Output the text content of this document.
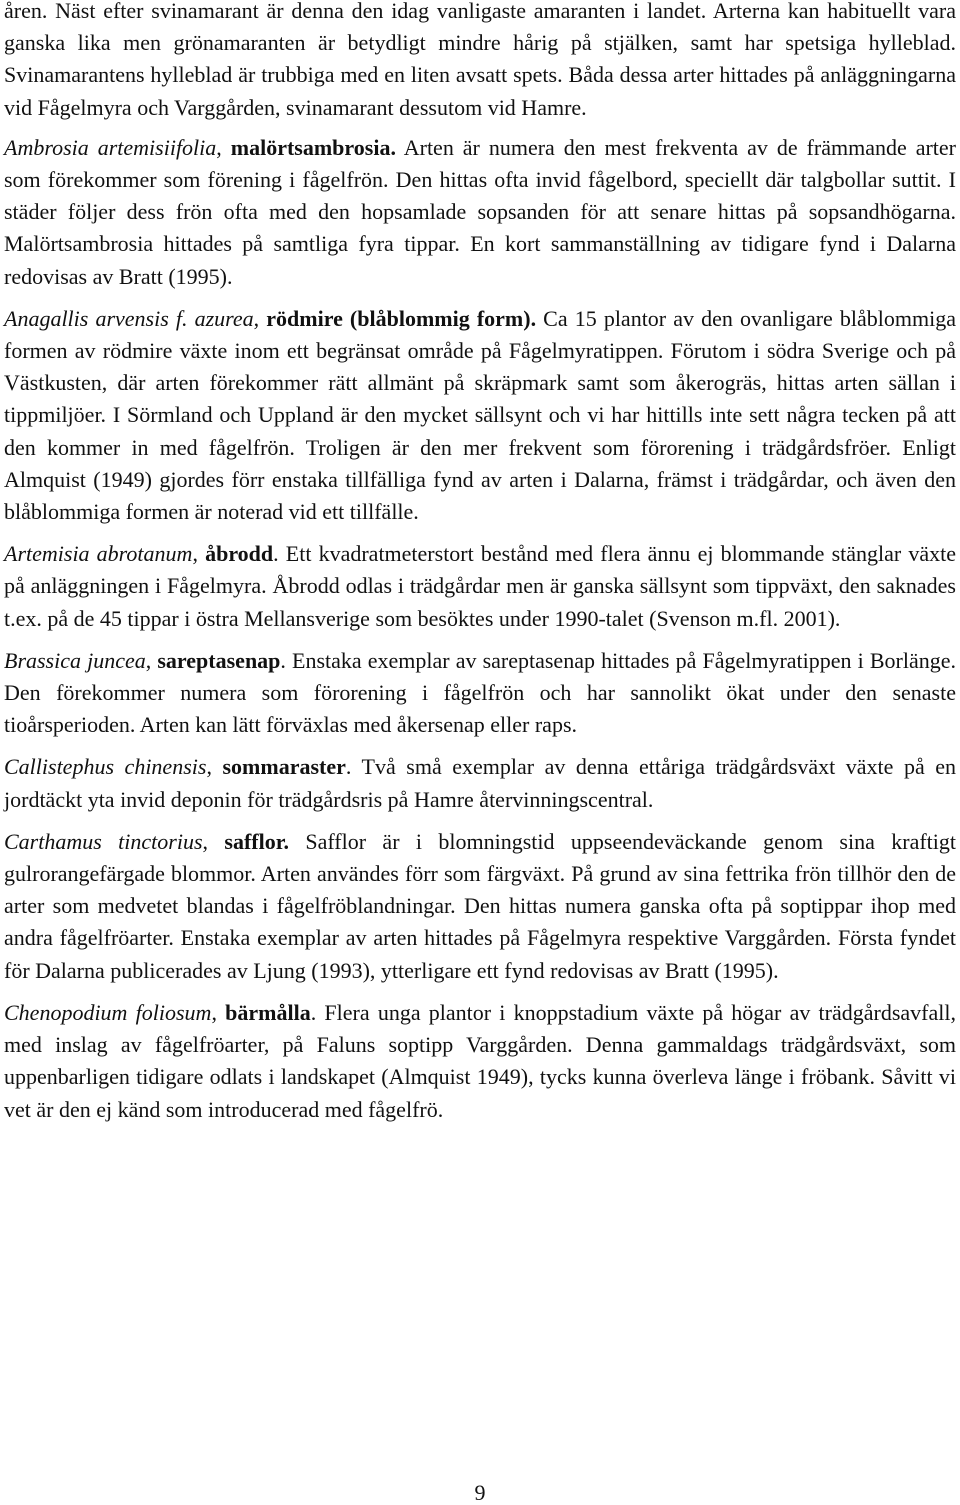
åren. Näst efter svinamarant är denna den idag vanligaste amaranten i landet. Arterna kan habituellt vara ganska lika men grönamaranten är betydligt mindre hårig på stjälken, samt har spetsiga hylleblad. Svinamarantens hylleblad är trubbiga med en liten avsatt spets. Båda dessa arter hittades på anläggningarna vid Fågelmyra och Varggården, svinamarant dessutom vid Hamre.

Ambrosia artemisiifolia, malörtsambrosia. Arten är numera den mest frekventa av de främmande arter som förekommer som förening i fågelfrön. Den hittas ofta invid fågelbord, speciellt där talgbollar suttit. I städer följer dess frön ofta med den hopsamlade sopsanden för att senare hittas på sopsandhögarna. Malörtsambrosia hittades på samtliga fyra tippar. En kort sammanställning av tidigare fynd i Dalarna redovisas av Bratt (1995).

Anagallis arvensis f. azurea, rödmire (blåblommig form). Ca 15 plantor av den ovanligare blåblommiga formen av rödmire växte inom ett begränsat område på Fågelmyratippen. Förutom i södra Sverige och på Västkusten, där arten förekommer rätt allmänt på skräpmark samt som åkerogräs, hittas arten sällan i tippmiljöer. I Sörmland och Uppland är den mycket sällsynt och vi har hittills inte sett några tecken på att den kommer in med fågelfrön. Troligen är den mer frekvent som förorening i trädgårdsfröer. Enligt Almquist (1949) gjordes förr enstaka tillfälliga fynd av arten i Dalarna, främst i trädgårdar, och även den blåblommiga formen är noterad vid ett tillfälle.

Artemisia abrotanum, åbrodd. Ett kvadratmeterstort bestånd med flera ännu ej blommande stänglar växte på anläggningen i Fågelmyra. Åbrodd odlas i trädgårdar men är ganska sällsynt som tippväxt, den saknades t.ex. på de 45 tippar i östra Mellansverige som besöktes under 1990-talet (Svenson m.fl. 2001).

Brassica juncea, sareptasenap. Enstaka exemplar av sareptasenap hittades på Fågelmyratippen i Borlänge. Den förekommer numera som förorening i fågelfrön och har sannolikt ökat under den senaste tioårsperioden. Arten kan lätt förväxlas med åkersenap eller raps.

Callistephus chinensis, sommaraster. Två små exemplar av denna ettåriga trädgårdsväxt växte på en jordtäckt yta invid deponin för trädgårdsris på Hamre återvinningscentral.

Carthamus tinctorius, safflor. Safflor är i blomningstid uppseendeväckande genom sina kraftigt gulrorangefärgade blommor. Arten användes förr som färgväxt. På grund av sina fettrika frön tillhör den de arter som medvetet blandas i fågelfröblandningar. Den hittas numera ganska ofta på soptippar ihop med andra fågelfröarter. Enstaka exemplar av arten hittades på Fågelmyra respektive Varggården. Första fyndet för Dalarna publicerades av Ljung (1993), ytterligare ett fynd redovisas av Bratt (1995).

Chenopodium foliosum, bärmålla. Flera unga plantor i knoppstadium växte på högar av trädgårdsavfall, med inslag av fågelfröarter, på Faluns soptipp Varggården. Denna gammaldags trädgårdsväxt, som uppenbarligen tidigare odlats i landskapet (Almquist 1949), tycks kunna överleva länge i fröbank. Såvitt vi vet är den ej känd som introducerad med fågelfrö.

9
